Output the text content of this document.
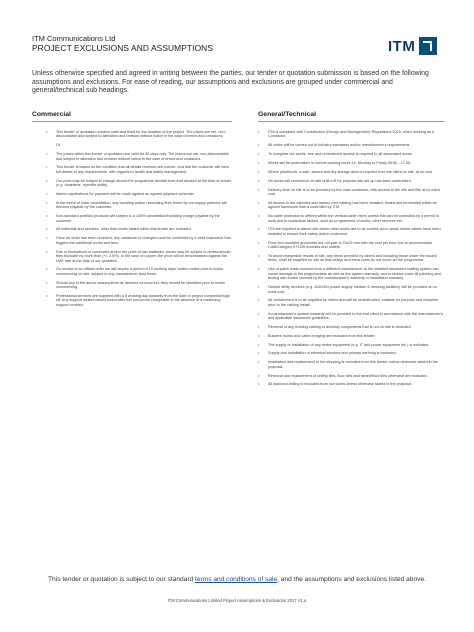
ITM Communications Ltd
PROJECT EXCLUSIONS AND ASSUMPTIONS	ITM
Unless otherwise specified and agreed in writing between the parties, our tender or quotation submission is based on the following assumptions and exclusions. For ease of reading, our assumptions and exclusions are grouped under commercial and general/technical sub headings.
Commercial	General/Technical
• This tender or quotation remains valid and fixed for the duration of the project. The prices are net, non-discountable and subject to alteration and revision without notice in the case of errors and omissions.
Or
• The prices within this tender or quotation are valid for 30 days only. The prices are net, non-discountable and subject to alteration and revision without notice in the case of errors and omissions.
• This tender is based on the condition that all details received are correct, and that the customer will have full details of any requirements, with regards to health and safety management.
• Our price may be subject to change should the programme deviate from that advised at the time of tender (e.g. downtime, reprofile shifts).
• Interim applications for payment will be made against an agreed payment schedule.
• In the event of order cancellation, any handling and/or restocking fees levied by our supply partners will become payable by the customer.
• Non-standard portfolio products will subject to a 100% cancellation/handling charge payable by the customer.
• All materials and services, other than those stated within this tender are excluded.
• Once an order has been received, any variations or changes must be confirmed by a valid instruction that triggers the additional works and fees.
• Due to fluctuations in currencies and/or the price of raw materials, prices may be subject to review should they fluctuate by more than (+/- 2.5%). In the case of copper, the price will be benchmarked against the LME rate at the date of our quotation.
• On receipt of an official order we will require a period of 10 working days' written notice prior to works commencing on site, subject to any manufacturer lead times.
• Should any of the above assumptions be deemed as incorrect, they should be identified prior to works commencing.
• Professional services are supplied with a 5 working day warranty from the date of project completion/sign off. Any support related issues found after this period are chargeable in the absence of a continuing support contract.
• ITM is compliant with Construction (Design and Management) Regulations 2015, when working as a Contractor.
• All works will be carried out to industry standards and/or manufacturer's requirements.
• To complete our works, free and unrestricted access is required to all associated areas.
• Works will be undertaken in normal working hours i.e. Monday to Friday 08:00 - 17:00.
• Where plant/tools, a safe, secure and dry storage area is required from the client on site, at no cost.
• No works will commence on site until a fit for purpose site set up has been undertaken.
• Delivery time on site is to be provided by the main contractor, with access to the site and lifts at no extra cost.
• All access to the cabinets and frames core cabling has been installed, tested and terminated within an agreed framework that is controlled by ITM.
• No cable protection is offered within the vertical cable risers unless this can be controlled by a permit to work due to hazardous factors, such as programmes of works, other services etc.
• ITM are required to attend site where other works are to be carried out in areas where cables have been installed to ensure their safety and/or protection.
• Floor box mounted grommets are not part of 23x23 mm with the cost per floor box to accommodate Cat6/Category 6 RJ45 modules and outlets.
• To avoid chargeable results of site, any items provided by others and including those under the issued items, shall be supplied on site so that delays and extra costs do not occur on the programme.
• Use of patch leads sourced from a different manufacturer to the installed structured cabling system can cause damage to the plugs/sockets as well as the system warranty, and to reduce costs all patching and testing will remain covered by the manufacturer's warranty or installation warranty.
• Normal utility services (e.g. 110/240v power supply, welfare & messing facilities) will be provided at no extra cost.
• All containment is to be supplied by others and will be unobstructed, suitable for purpose and complete prior to the cabling install.
• A manufacturer's system warranty will be provided to the end client in accordance with the manufacturer's and applicable assurance guidelines.
• Removal of any existing cabling or ancillary components that is not on site is excluded.
• Builders' works and cable bridging are excluded from this tender.
• The supply or installation of any active equipment (e.g. IT and power equipment etc.) is excluded.
• Supply and installation of electrical services and primary earthing is excluded.
• Installation and replacement of the stripping is excluded from this tender unless otherwise stated in the proposal.
• Removal and replacement of ceiling tiles, floor tiles and raised/floor tiles otherwise are excluded.
• All diamond drilling is excluded from our works unless otherwise stated in the proposal.
This tender or quotation is subject to our standard terms and conditions of sale, and the assumptions and exclusions listed above.
ITM Communications Limited Project Assumptions & Exclusions 2017 V1.a
